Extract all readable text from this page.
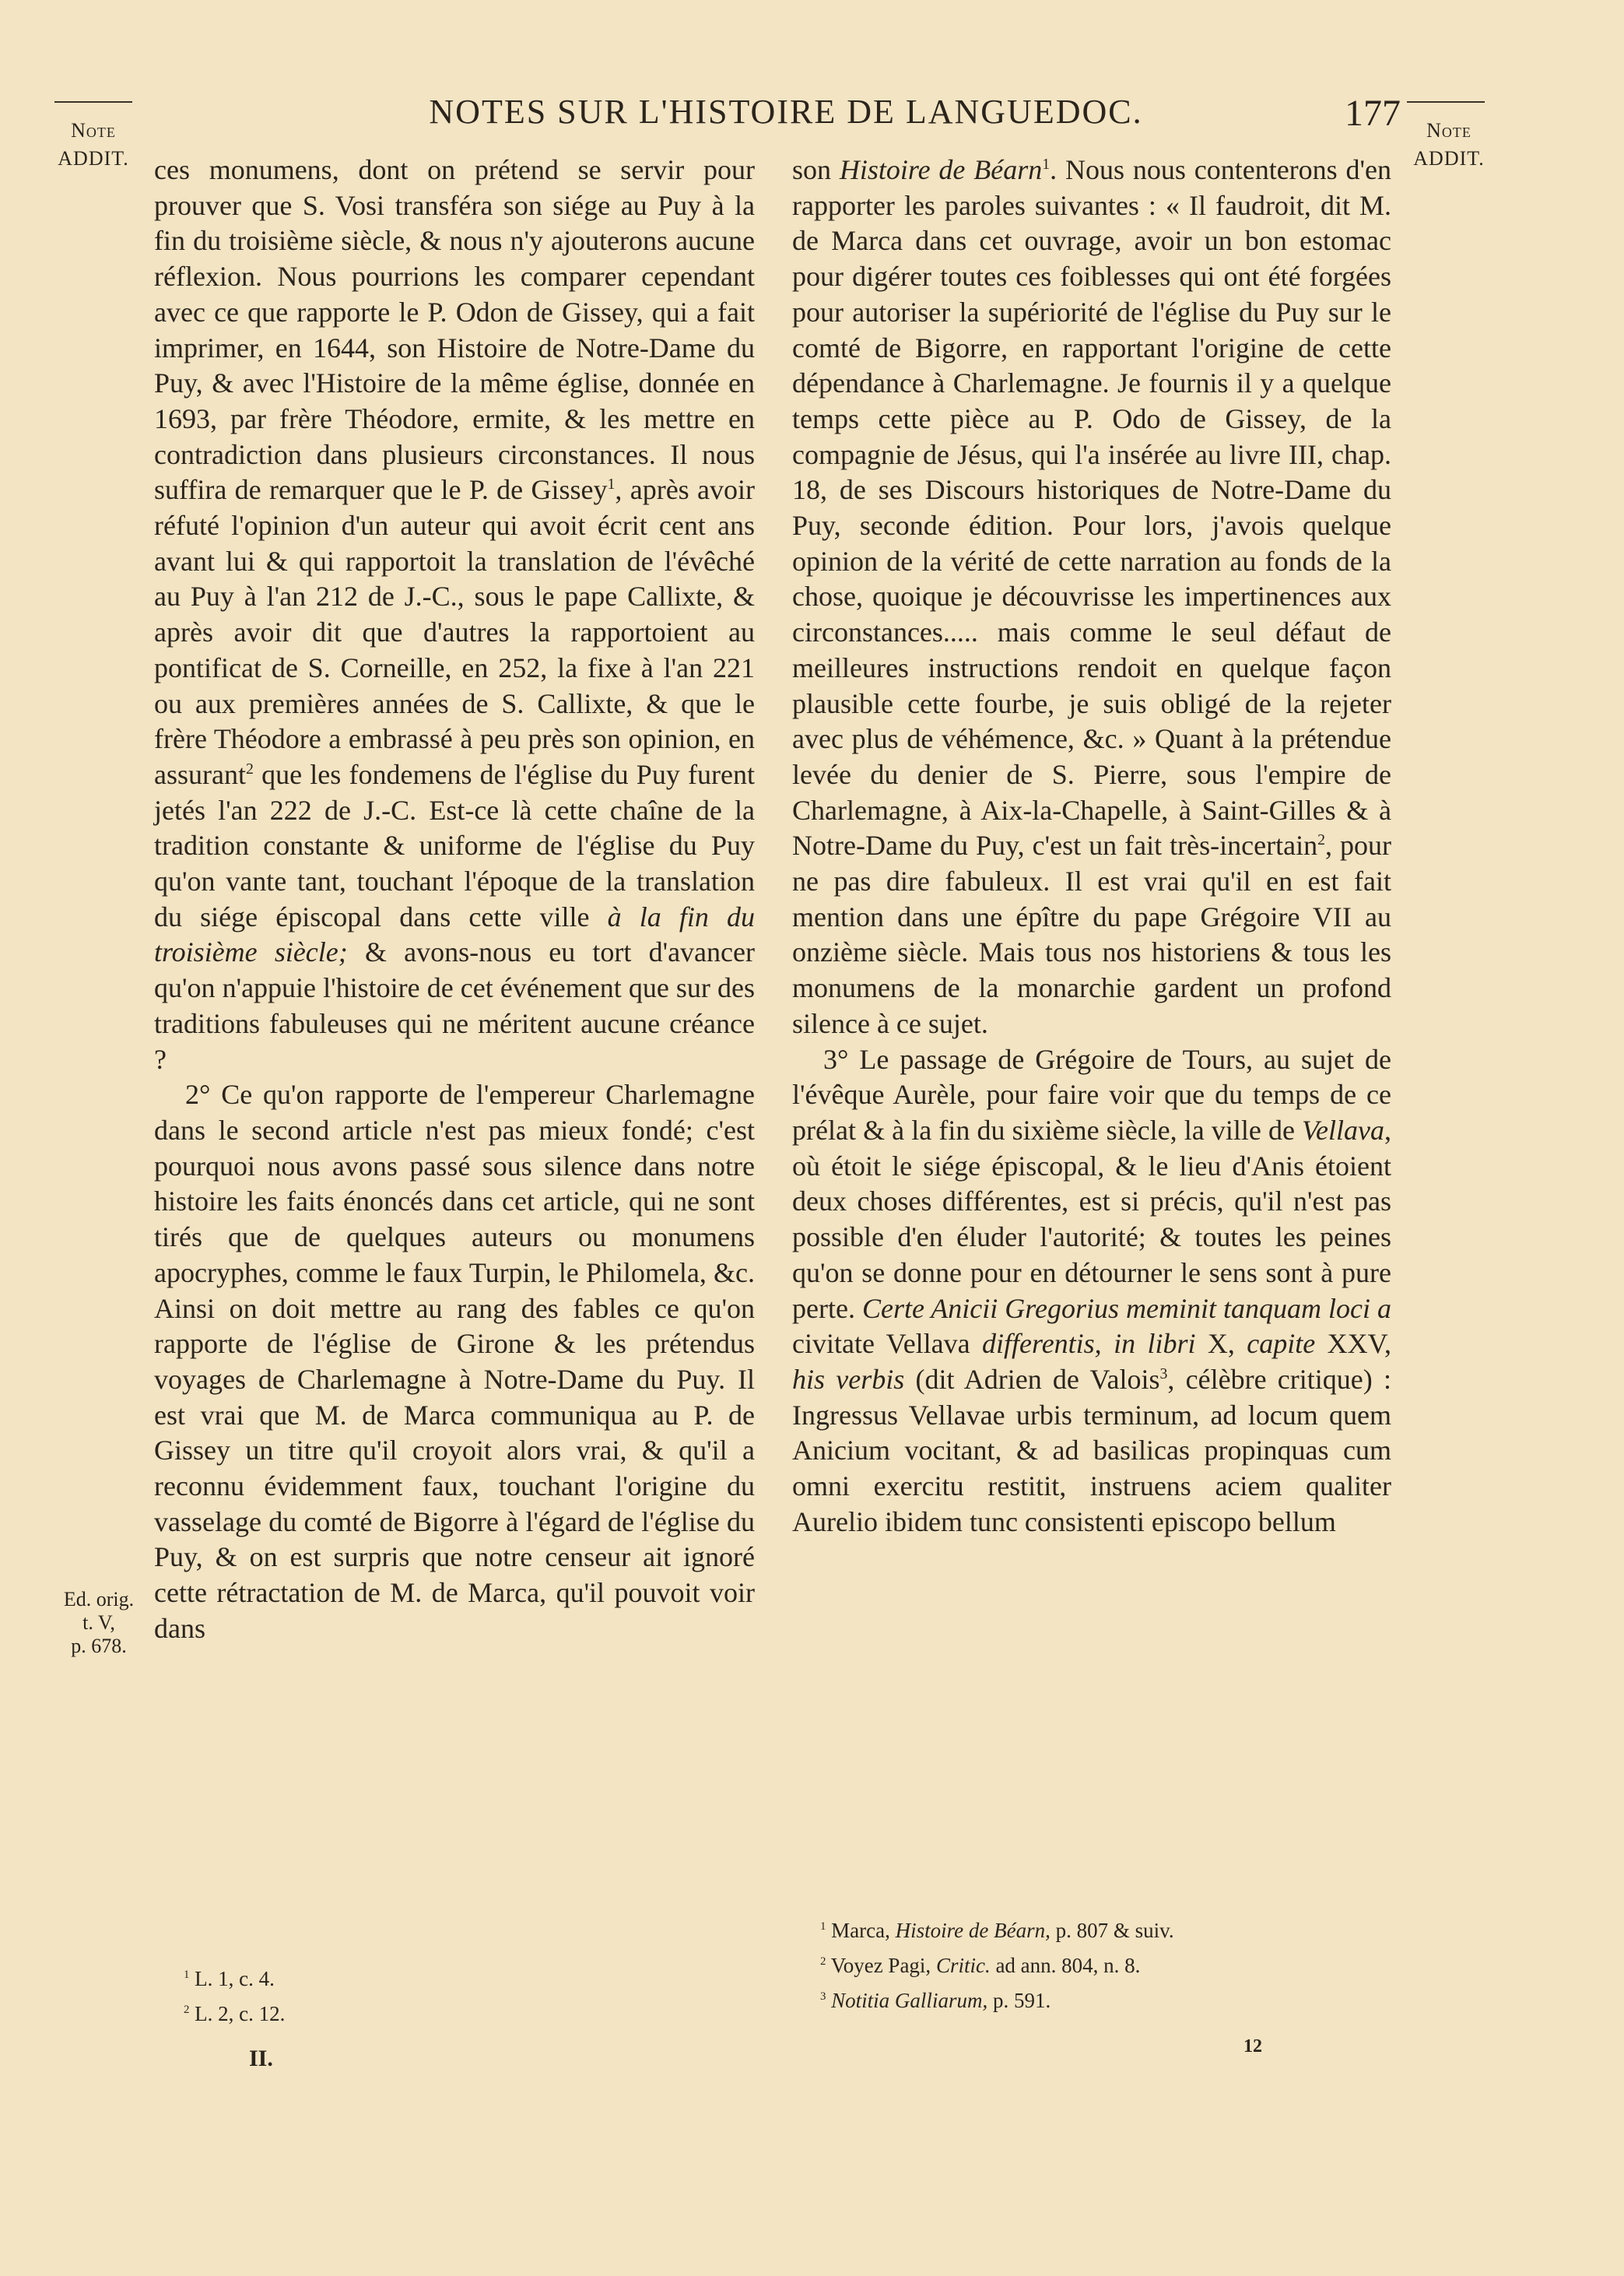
Note
ADDIT.
NOTES SUR L'HISTOIRE DE LANGUEDOC.	177	Note
ADDIT.

ces monumens, dont on prétend se servir pour prouver que S. Vosi transféra son siége au Puy à la fin du troisième siècle, & nous n'y ajouterons aucune réflexion. Nous pourrions les comparer cependant avec ce que rapporte le P. Odon de Gissey, qui a fait imprimer, en 1644, son Histoire de Notre-Dame du Puy, & avec l'Histoire de la même église, donnée en 1693, par frère Théodore, ermite, & les mettre en contradiction dans plusieurs circonstances. Il nous suffira de remarquer que le P. de Gissey$^1$, après avoir réfuté l'opinion d'un auteur qui avoit écrit cent ans avant lui & qui rapportoit la translation de l'évêché au Puy à l'an 212 de J.-C., sous le pape Callixte, & après avoir dit que d'autres la rapportoient au pontificat de S. Corneille, en 252, la fixe à l'an 221 ou aux premières années de S. Callixte, & que le frère Théodore a embrassé à peu près son opinion, en assurant$^2$ que les fondemens de l'église du Puy furent jetés l'an 222 de J.-C. Est-ce là cette chaîne de la tradition constante & uniforme de l'église du Puy qu'on vante tant, touchant l'époque de la translation du siége épiscopal dans cette ville à la fin du troisième siècle; & avons-nous eu tort d'avancer qu'on n'appuie l'histoire de cet événement que sur des traditions fabuleuses qui ne méritent aucune créance ?

2° Ce qu'on rapporte de l'empereur Charlemagne dans le second article n'est pas mieux fondé; c'est pourquoi nous avons passé sous silence dans notre histoire les faits énoncés dans cet article, qui ne sont tirés que de quelques auteurs ou monumens apocryphes, comme le faux Turpin, le Philomela, &c. Ainsi on doit mettre au rang des fables ce qu'on rapporte de l'église de Girone & les prétendus voyages de Charlemagne à Notre-Dame du Puy. Il est vrai que M. de Marca communiqua au P. de Gissey un titre qu'il croyoit alors vrai, & qu'il a reconnu évidemment faux, touchant l'origine du vasselage du comté de Bigorre à l'égard de l'église du Puy, & on est surpris que notre censeur ait ignoré cette rétractation de M. de Marca, qu'il pouvoit voir dans

Ed. orig.
t. V,
p. 678.

son Histoire de Béarn$^1$. Nous nous contenterons d'en rapporter les paroles suivantes : « Il faudroit, dit M. de Marca dans cet ouvrage, avoir un bon estomac pour digérer toutes ces foiblesses qui ont été forgées pour autoriser la supériorité de l'église du Puy sur le comté de Bigorre, en rapportant l'origine de cette dépendance à Charlemagne. Je fournis il y a quelque temps cette pièce au P. Odo de Gissey, de la compagnie de Jésus, qui l'a insérée au livre III, chap. 18, de ses Discours historiques de Notre-Dame du Puy, seconde édition. Pour lors, j'avois quelque opinion de la vérité de cette narration au fonds de la chose, quoique je découvrisse les impertinences aux circonstances..... mais comme le seul défaut de meilleures instructions rendoit en quelque façon plausible cette fourbe, je suis obligé de la rejeter avec plus de véhémence, &c. » Quant à la prétendue levée du denier de S. Pierre, sous l'empire de Charlemagne, à Aix-la-Chapelle, à Saint-Gilles & à Notre-Dame du Puy, c'est un fait très-incertain$^2$, pour ne pas dire fabuleux. Il est vrai qu'il en est fait mention dans une épître du pape Grégoire VII au onzième siècle. Mais tous nos historiens & tous les monumens de la monarchie gardent un profond silence à ce sujet.

3° Le passage de Grégoire de Tours, au sujet de l'évêque Aurèle, pour faire voir que du temps de ce prélat & à la fin du sixième siècle, la ville de Vellava, où étoit le siége épiscopal, & le lieu d'Anis étoient deux choses différentes, est si précis, qu'il n'est pas possible d'en éluder l'autorité; & toutes les peines qu'on se donne pour en détourner le sens sont à pure perte. Certe Anicii Gregorius meminit tanquam loci a civitate Vellava differentis, in libri X, capite XXV, his verbis (dit Adrien de Valois$^3$, célèbre critique) : Ingressus Vellavae urbis terminum, ad locum quem Anicium vocitant, & ad basilicas propinquas cum omni exercitu restitit, instruens aciem qualiter Aurelio ibidem tunc consistenti episcopo bellum

$^1$ L. 1, c. 4.
$^2$ L. 2, c. 12.
$^1$ Marca, Histoire de Béarn, p. 807 & suiv.
$^2$ Voyez Pagi, Critic. ad ann. 804, n. 8.
$^3$ Notitia Galliarum, p. 591.
II.	12
